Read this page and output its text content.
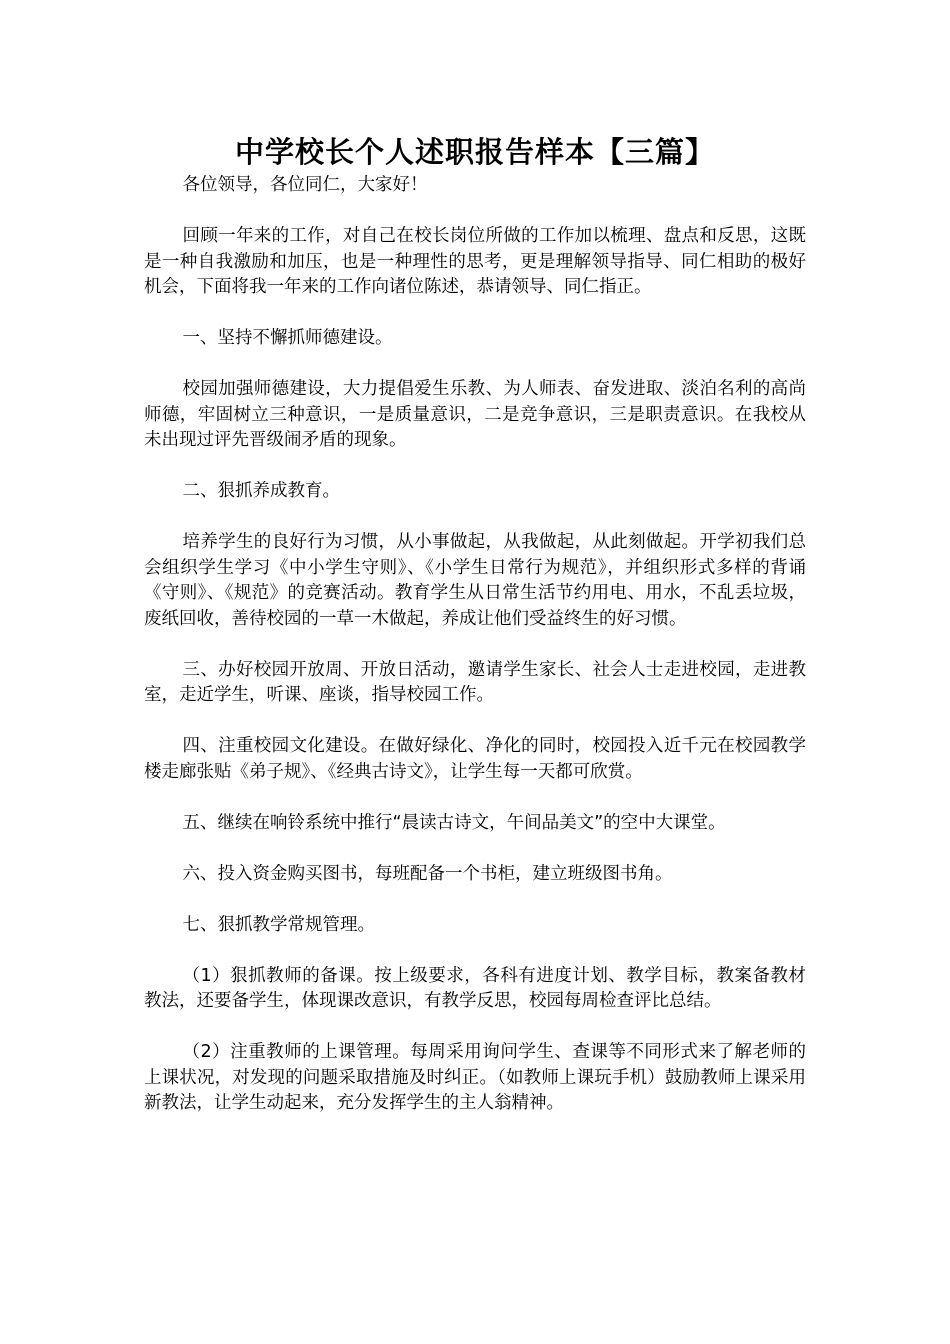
中学校长个人述职报告样本【三篇】

各位领导，各位同仁，大家好！

回顾一年来的工作，对自己在校长岗位所做的工作加以梳理、盘点和反思，这既是一种自我激励和加压，也是一种理性的思考，更是理解领导指导、同仁相助的极好机会，下面将我一年来的工作向诸位陈述，恭请领导、同仁指正。

一、坚持不懈抓师德建设。

校园加强师德建设，大力提倡爱生乐教、为人师表、奋发进取、淡泊名利的高尚师德，牢固树立三种意识，一是质量意识，二是竞争意识，三是职责意识。在我校从未出现过评先晋级闹矛盾的现象。

二、狠抓养成教育。

培养学生的良好行为习惯，从小事做起，从我做起，从此刻做起。开学初我们总会组织学生学习《中小学生守则》、《小学生日常行为规范》，并组织形式多样的背诵《守则》、《规范》的竞赛活动。教育学生从日常生活节约用电、用水，不乱丢垃圾，废纸回收，善待校园的一草一木做起，养成让他们受益终生的好习惯。

三、办好校园开放周、开放日活动，邀请学生家长、社会人士走进校园，走进教室，走近学生，听课、座谈，指导校园工作。

四、注重校园文化建设。在做好绿化、净化的同时，校园投入近千元在校园教学楼走廊张贴《弟子规》、《经典古诗文》，让学生每一天都可欣赏。

五、继续在响铃系统中推行“晨读古诗文，午间品美文”的空中大课堂。

六、投入资金购买图书，每班配备一个书柜，建立班级图书角。

七、狠抓教学常规管理。

（1）狠抓教师的备课。按上级要求，各科有进度计划、教学目标，教案备教材教法，还要备学生，体现课改意识，有教学反思，校园每周检查评比总结。

（2）注重教师的上课管理。每周采用询问学生、查课等不同形式来了解老师的上课状况，对发现的问题采取措施及时纠正。（如教师上课玩手机）鼓励教师上课采用新教法，让学生动起来，充分发挥学生的主人翁精神。
